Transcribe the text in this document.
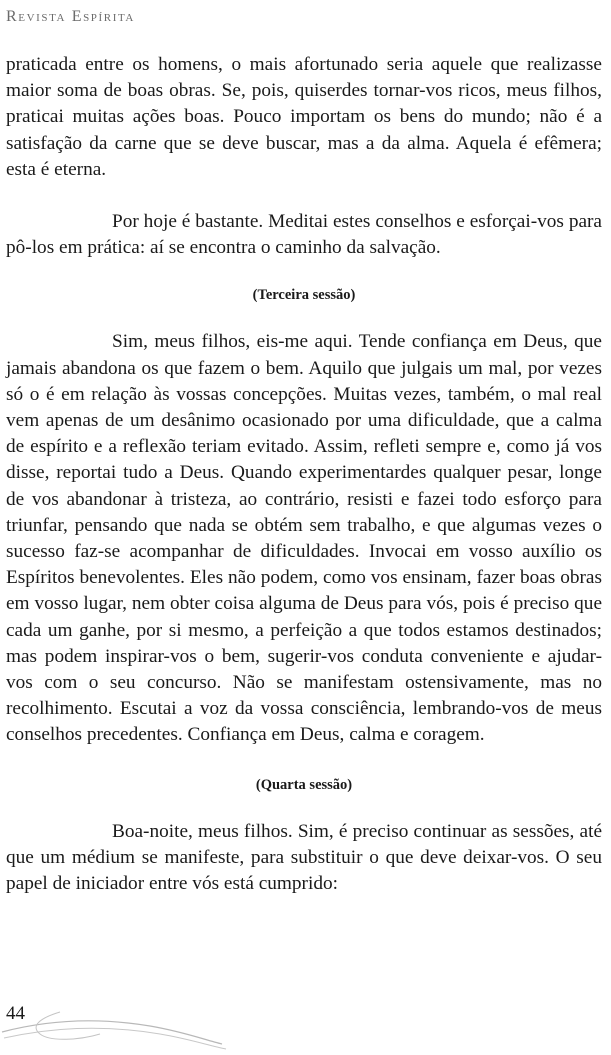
Revista Espírita

praticada entre os homens, o mais afortunado seria aquele que realizasse maior soma de boas obras. Se, pois, quiserdes tornar-vos ricos, meus filhos, praticai muitas ações boas. Pouco importam os bens do mundo; não é a satisfação da carne que se deve buscar, mas a da alma. Aquela é efêmera; esta é eterna.

Por hoje é bastante. Meditai estes conselhos e esforçai-vos para pô-los em prática: aí se encontra o caminho da salvação.

(Terceira sessão)

Sim, meus filhos, eis-me aqui. Tende confiança em Deus, que jamais abandona os que fazem o bem. Aquilo que julgais um mal, por vezes só o é em relação às vossas concepções. Muitas vezes, também, o mal real vem apenas de um desânimo ocasionado por uma dificuldade, que a calma de espírito e a reflexão teriam evitado. Assim, refleti sempre e, como já vos disse, reportai tudo a Deus. Quando experimentardes qualquer pesar, longe de vos abandonar à tristeza, ao contrário, resisti e fazei todo esforço para triunfar, pensando que nada se obtém sem trabalho, e que algumas vezes o sucesso faz-se acompanhar de dificuldades. Invocai em vosso auxílio os Espíritos benevolentes. Eles não podem, como vos ensinam, fazer boas obras em vosso lugar, nem obter coisa alguma de Deus para vós, pois é preciso que cada um ganhe, por si mesmo, a perfeição a que todos estamos destinados; mas podem inspirar-vos o bem, sugerir-vos conduta conveniente e ajudar-vos com o seu concurso. Não se manifestam ostensivamente, mas no recolhimento. Escutai a voz da vossa consciência, lembrando-vos de meus conselhos precedentes. Confiança em Deus, calma e coragem.

(Quarta sessão)

Boa-noite, meus filhos. Sim, é preciso continuar as sessões, até que um médium se manifeste, para substituir o que deve deixar-vos. O seu papel de iniciador entre vós está cumprido:

44
